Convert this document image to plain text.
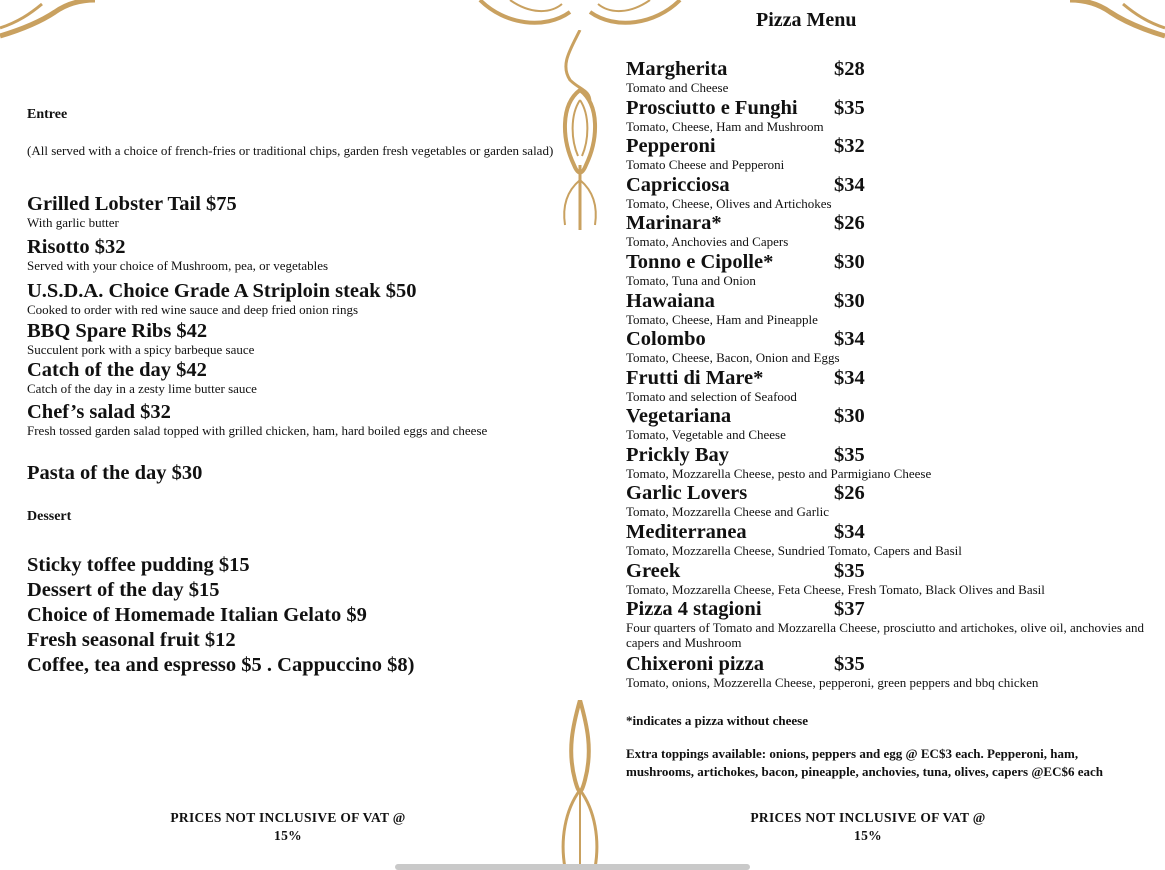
Entree
(All served with a choice of french-fries or traditional chips, garden fresh vegetables or garden salad)
Grilled Lobster Tail $75
With garlic butter
Risotto $32
Served with your choice of Mushroom, pea, or vegetables
U.S.D.A. Choice Grade A Striploin steak $50
Cooked to order with red wine sauce and deep fried onion rings
BBQ Spare Ribs $42
Succulent pork with a spicy barbeque sauce
Catch of the day $42
Catch of the day in a zesty lime butter sauce
Chef’s salad $32
Fresh tossed garden salad topped with grilled chicken, ham, hard boiled eggs and cheese
Pasta of the day $30
Dessert
Sticky toffee pudding $15
Dessert of the day $15
Choice of Homemade Italian Gelato $9
Fresh seasonal fruit $12
Coffee, tea and espresso $5 . Cappuccino $8)
PRICES NOT INCLUSIVE OF VAT @
15%
Pizza Menu
Margherita	$28
Tomato and Cheese
Prosciutto e Funghi $35
Tomato, Cheese, Ham and Mushroom
Pepperoni	$32
Tomato Cheese and Pepperoni
Capricciosa	$34
Tomato, Cheese, Olives and Artichokes
Marinara*	$26
Tomato, Anchovies and Capers
Tonno e Cipolle*	$30
Tomato, Tuna and Onion
Hawaiana	$30
Tomato, Cheese, Ham and Pineapple
Colombo	$34
Tomato, Cheese, Bacon, Onion and Eggs
Frutti di Mare*	$34
Tomato and selection of Seafood
Vegetariana	$30
Tomato, Vegetable and Cheese
Prickly Bay	$35
Tomato, Mozzarella Cheese, pesto and Parmigiano Cheese
Garlic Lovers	$26
Tomato, Mozzarella Cheese and Garlic
Mediterranea	$34
Tomato, Mozzarella Cheese, Sundried Tomato, Capers and Basil
Greek	$35
Tomato, Mozzarella Cheese, Feta Cheese, Fresh Tomato, Black Olives and Basil
Pizza 4 stagioni	$37
Four quarters of Tomato and Mozzarella Cheese, prosciutto and artichokes, olive oil, anchovies and capers and Mushroom
Chixeroni pizza	$35
Tomato, onions, Mozzerella Cheese, pepperoni, green peppers and bbq chicken
*indicates a pizza without cheese
Extra toppings available: onions, peppers and egg @ EC$3 each. Pepperoni, ham, mushrooms, artichokes, bacon, pineapple, anchovies, tuna, olives, capers @EC$6 each
PRICES NOT INCLUSIVE OF VAT @
15%
